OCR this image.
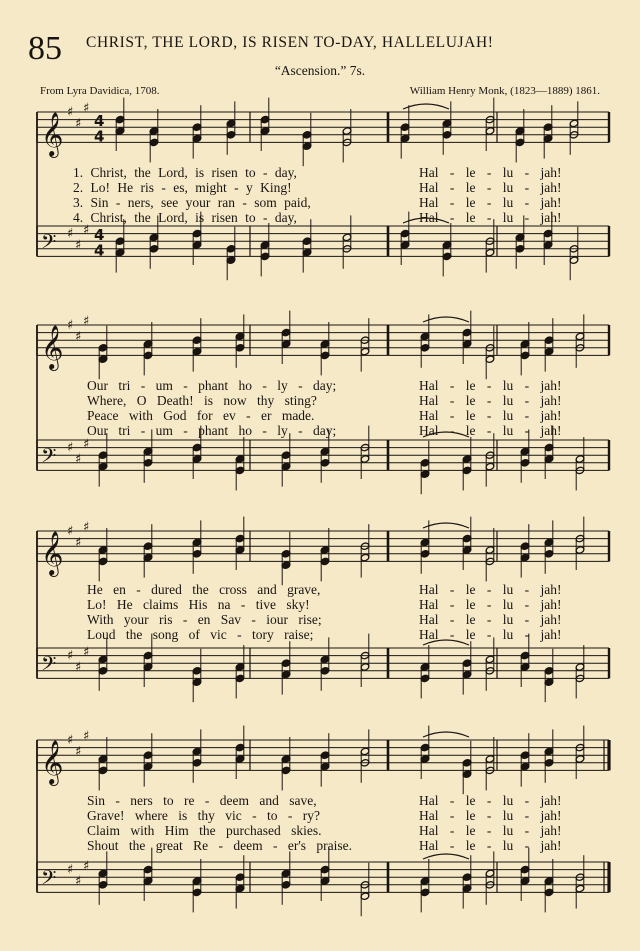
85 CHRIST, THE LORD, IS RISEN TO-DAY, HALLELUJAH!
“Ascension.” 7s.
From Lyra Davidica, 1708.	William Henry Monk, (1823—1889) 1861.
𝄞 ♯
♯
♯
4
4
𝄢 ♯
♯
♯ 4
4
𝄞 ♯
♯
♯
𝄢 ♯
♯
♯
𝄞 ♯
♯
♯
𝄢 ♯
♯
♯
𝄞 ♯
♯
♯
𝄢 ♯
♯
♯
1. Christ, the Lord, is risen to - day,	Hal - le - lu - jah!
2. Lo! He ris - es, might - y King!	Hal - le - lu - jah!
3. Sin - ners, see your ran - som paid,	Hal - le - lu - jah!
4. Christ, the Lord, is risen to - day,	Hal - le - lu - jah!
Our tri - um - phant ho - ly - day;	Hal - le - lu - jah!
Where, O Death! is now thy sting?	Hal - le - lu - jah!
Peace with God for ev - er made.	Hal - le - lu - jah!
Our tri - um - phant ho - ly - day;	Hal - le - lu - jah!
He en - dured the cross and grave,	Hal - le - lu - jah!
Lo! He claims His na - tive sky!	Hal - le - lu - jah!
With your ris - en Sav - iour rise;	Hal - le - lu - jah!
Loud the song of vic - tory raise;	Hal - le - lu - jah!
Sin - ners to re - deem and save,	Hal - le - lu - jah!
Grave! where is thy vic - to - ry?	Hal - le - lu - jah!
Claim with Him the purchased skies.	Hal - le - lu - jah!
Shout the great Re - deem - er's praise.	Hal - le - lu - jah!
